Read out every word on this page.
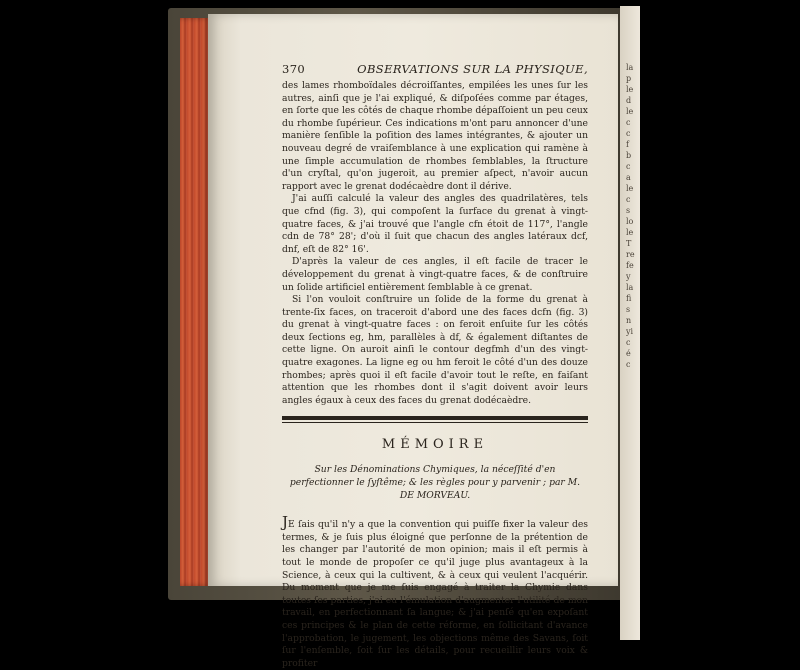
la
p
le
d
le
c
c
f
b
c
a
le
c
s
lo
le
T
re
fe
y
la
fi
s
n
yi
c
é
c
370	OBSERVATIONS SUR LA PHYSIQUE,

des lames rhomboïdales décroiſſantes, empilées les unes ſur les autres, ainſi que je l'ai expliqué, & diſpoſées comme par étages, en ſorte que les côtés de chaque rhombe dépaſſoient un peu ceux du rhombe ſupérieur. Ces indications m'ont paru annoncer d'une manière ſenſible la poſition des lames intégrantes, & ajouter un nouveau degré de vraiſemblance à une explication qui ramène à une ſimple accumulation de rhombes ſemblables, la ſtructure d'un cryſtal, qu'on jugeroit, au premier aſpect, n'avoir aucun rapport avec le grenat dodécaèdre dont il dérive.

J'ai auſſi calculé la valeur des angles des quadrilatères, tels que cfnd (fig. 3), qui compoſent la ſurface du grenat à vingt-quatre faces, & j'ai trouvé que l'angle cfn étoit de 117°, l'angle cdn de 78° 28'; d'où il ſuit que chacun des angles latéraux dcf, dnf, eſt de 82° 16'.

D'après la valeur de ces angles, il eſt facile de tracer le développement du grenat à vingt-quatre faces, & de conſtruire un ſolide artificiel entièrement ſemblable à ce grenat.

Si l'on vouloit conſtruire un ſolide de la forme du grenat à trente-ſix faces, on traceroit d'abord une des faces dcfn (fig. 3) du grenat à vingt-quatre faces : on feroit enſuite ſur les côtés deux ſections eg, hm, parallèles à df, & également diſtantes de cette ligne. On auroit ainſi le contour degfmh d'un des vingt-quatre exagones. La ligne eg ou hm feroit le côté d'un des douze rhombes; après quoi il eſt facile d'avoir tout le reſte, en faiſant attention que les rhombes dont il s'agit doivent avoir leurs angles égaux à ceux des faces du grenat dodécaèdre.

MÉMOIRE

Sur les Dénominations Chymiques, la néceſſité d'en perfectionner le ſyſtême; & les règles pour y parvenir ; par M. DE MORVEAU.

JE ſais qu'il n'y a que la convention qui puiſſe fixer la valeur des termes, & je ſuis plus éloigné que perſonne de la prétention de les changer par l'autorité de mon opinion; mais il eſt permis à tout le monde de propoſer ce qu'il juge plus avantageux à la Science, à ceux qui la cultivent, & à ceux qui veulent l'acquérir. Du moment que je me ſuis engagé à traiter la Chymie dans toutes ſes parties, j'ai eu l'émulation d'augmenter l'utilité de mon travail, en perfectionnant ſa langue; & j'ai penſé qu'en expoſant ces principes & le plan de cette réforme, en ſollicitant d'avance l'approbation, le jugement, les objections même des Savans, ſoit ſur l'enſemble, ſoit ſur les détails, pour recueillir leurs voix & profiter
